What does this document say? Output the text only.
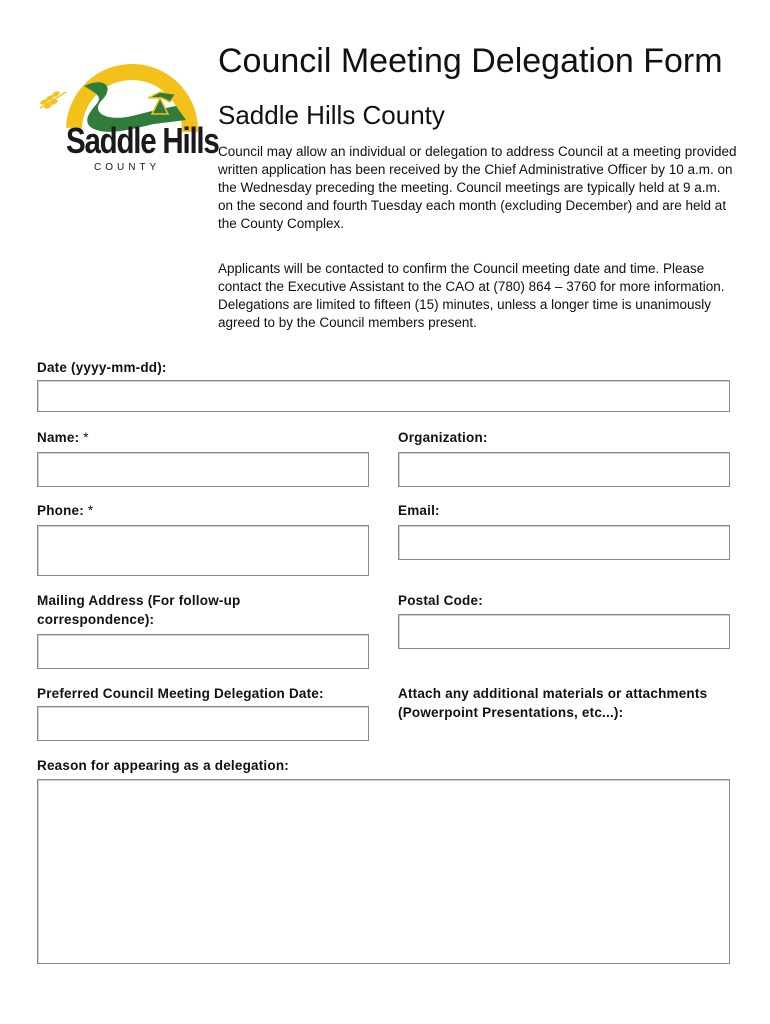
Saddle Hills
COUNTY
Council Meeting Delegation Form
Saddle Hills County

Council may allow an individual or delegation to address Council at a meeting provided written application has been received by the Chief Administrative Officer by 10 a.m. on the Wednesday preceding the meeting. Council meetings are typically held at 9 a.m. on the second and fourth Tuesday each month (excluding December) and are held at the County Complex.

Applicants will be contacted to confirm the Council meeting date and time. Please contact the Executive Assistant to the CAO at (780) 864 – 3760 for more information. Delegations are limited to fifteen (15) minutes, unless a longer time is unanimously agreed to by the Council members present.

Date (yyyy-mm-dd):
Name: *	Organization:
Phone: *	Email:
Mailing Address (For follow-up
correspondence):
Postal Code:
Preferred Council Meeting Delegation Date:	Attach any additional materials or attachments
(Powerpoint Presentations, etc...):
Reason for appearing as a delegation:
